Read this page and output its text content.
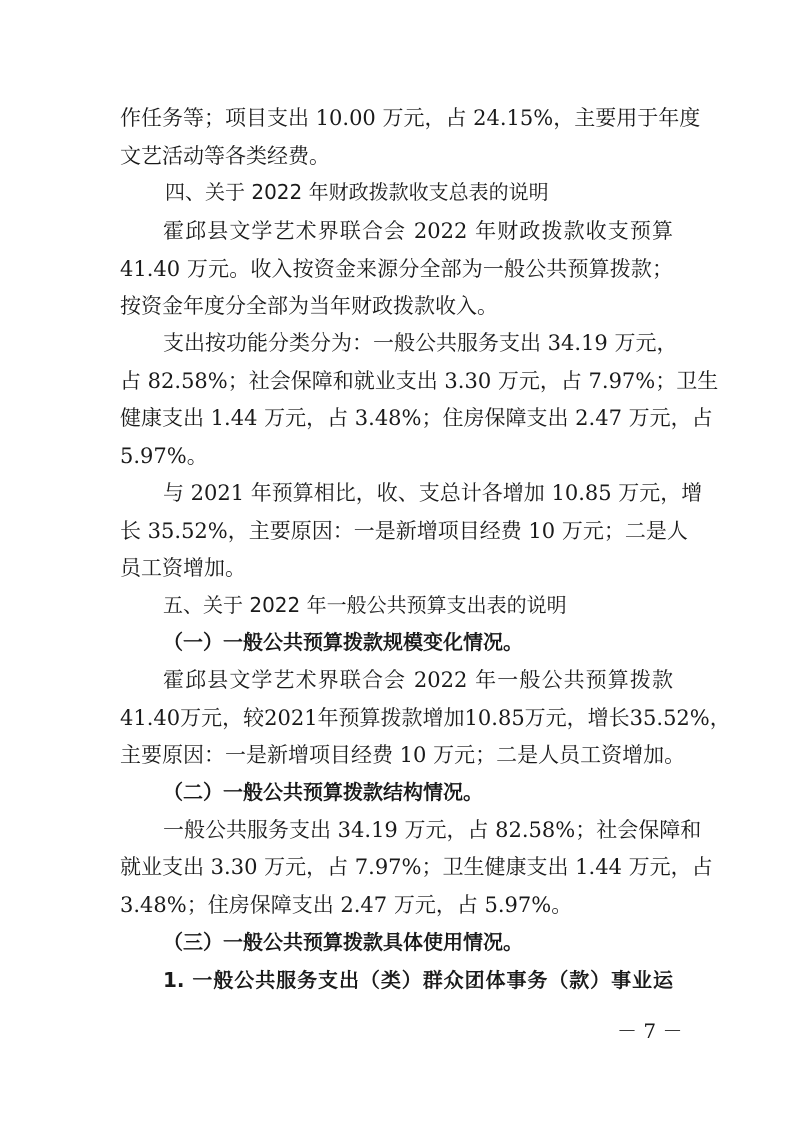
作任务等；项目支出 10.00 万元，占 24.15%，主要用于年度
文艺活动等各类经费。
四、关于 2022 年财政拨款收支总表的说明
霍邱县文学艺术界联合会 2022 年财政拨款收支预算
41.40 万元。收入按资金来源分全部为一般公共预算拨款；
按资金年度分全部为当年财政拨款收入。
支出按功能分类分为：一般公共服务支出 34.19 万元，
占 82.58%；社会保障和就业支出 3.30 万元，占 7.97%；卫生
健康支出 1.44 万元，占 3.48%；住房保障支出 2.47 万元，占
5.97%。
与 2021 年预算相比，收、支总计各增加 10.85 万元，增
长 35.52%，主要原因：一是新增项目经费 10 万元；二是人
员工资增加。
五、关于 2022 年一般公共预算支出表的说明
（一）一般公共预算拨款规模变化情况。
霍邱县文学艺术界联合会 2022 年一般公共预算拨款
41.40万元，较2021年预算拨款增加10.85万元，增长35.52%，
主要原因：一是新增项目经费 10 万元；二是人员工资增加。
（二）一般公共预算拨款结构情况。
一般公共服务支出 34.19 万元，占 82.58%；社会保障和
就业支出 3.30 万元，占 7.97%；卫生健康支出 1.44 万元，占
3.48%；住房保障支出 2.47 万元，占 5.97%。
（三）一般公共预算拨款具体使用情况。
1. 一般公共服务支出（类）群众团体事务（款）事业运
－ 7 －
